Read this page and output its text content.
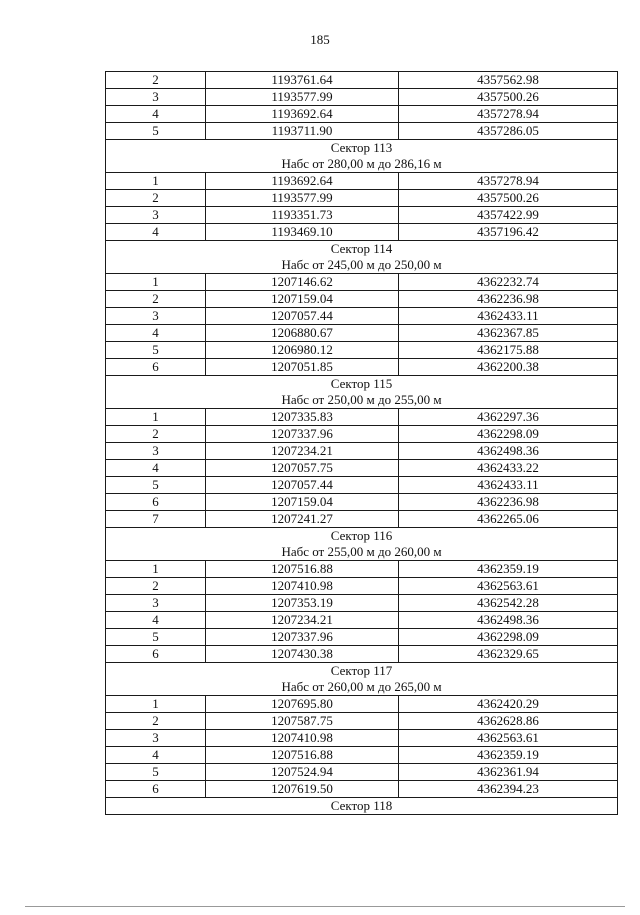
185
2	1193761.64	4357562.98
3	1193577.99	4357500.26
4	1193692.64	4357278.94
5	1193711.90	4357286.05
Сектор 113		
Набс от 280,00 м до 286,16 м		
1	1193692.64	4357278.94
2	1193577.99	4357500.26
3	1193351.73	4357422.99
4	1193469.10	4357196.42
Сектор 114		
Набс от 245,00 м до 250,00 м		
1	1207146.62	4362232.74
2	1207159.04	4362236.98
3	1207057.44	4362433.11
4	1206880.67	4362367.85
5	1206980.12	4362175.88
6	1207051.85	4362200.38
Сектор 115		
Набс от 250,00 м до 255,00 м		
1	1207335.83	4362297.36
2	1207337.96	4362298.09
3	1207234.21	4362498.36
4	1207057.75	4362433.22
5	1207057.44	4362433.11
6	1207159.04	4362236.98
7	1207241.27	4362265.06
Сектор 116		
Набс от 255,00 м до 260,00 м		
1	1207516.88	4362359.19
2	1207410.98	4362563.61
3	1207353.19	4362542.28
4	1207234.21	4362498.36
5	1207337.96	4362298.09
6	1207430.38	4362329.65
Сектор 117		
Набс от 260,00 м до 265,00 м		
1	1207695.80	4362420.29
2	1207587.75	4362628.86
3	1207410.98	4362563.61
4	1207516.88	4362359.19
5	1207524.94	4362361.94
6	1207619.50	4362394.23
Сектор 118		
